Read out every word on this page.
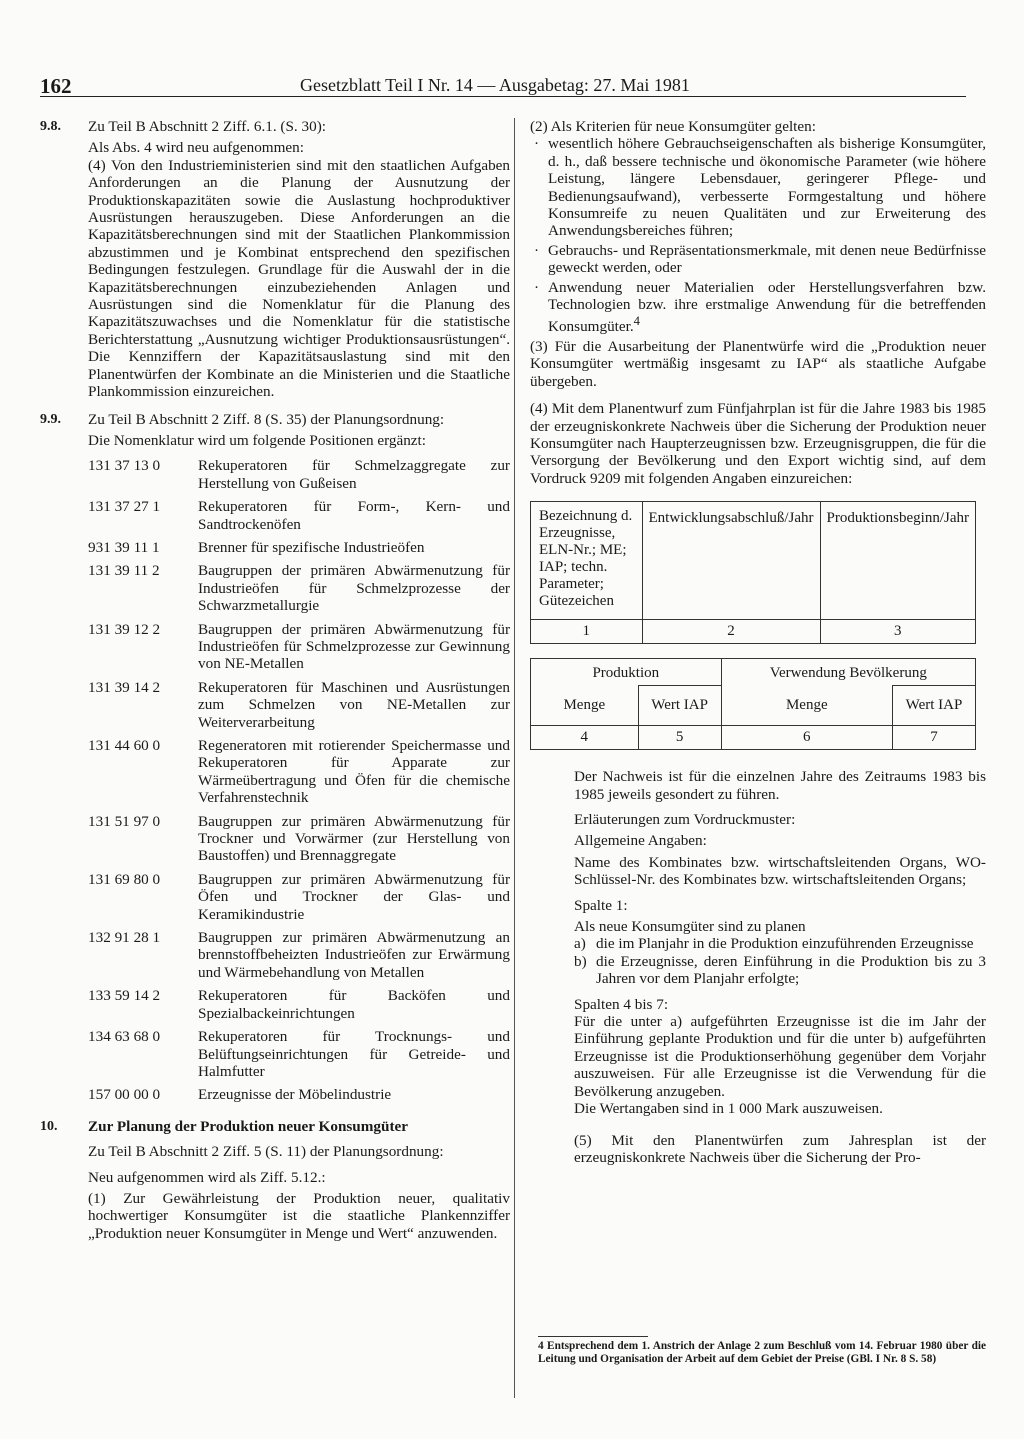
162	Gesetzblatt Teil I Nr. 14 — Ausgabetag: 27. Mai 1981
9.8. Zu Teil B Abschnitt 2 Ziff. 6.1. (S. 30):

Als Abs. 4 wird neu aufgenommen:

(4) Von den Industrieministerien sind mit den staatlichen Aufgaben Anforderungen an die Planung der Ausnutzung der Produktionskapazitäten sowie die Auslastung hochproduktiver Ausrüstungen herauszugeben. Diese Anforderungen an die Kapazitätsberechnungen sind mit der Staatlichen Plankommission abzustimmen und je Kombinat entsprechend den spezifischen Bedingungen festzulegen. Grundlage für die Auswahl der in die Kapazitätsberechnungen einzubeziehenden Anlagen und Ausrüstungen sind die Nomenklatur für die Planung des Kapazitätszuwachses und die Nomenklatur für die statistische Berichterstattung „Ausnutzung wichtiger Produktionsausrüstungen“. Die Kennziffern der Kapazitätsauslastung sind mit den Planentwürfen der Kombinate an die Ministerien und die Staatliche Plankommission einzureichen.

9.9. Zu Teil B Abschnitt 2 Ziff. 8 (S. 35) der Planungsordnung:

Die Nomenklatur wird um folgende Positionen ergänzt:

131 37 13 0 Rekuperatoren für Schmelzaggregate zur Herstellung von Gußeisen
131 37 27 1 Rekuperatoren für Form-, Kern- und Sandtrockenöfen
931 39 11 1	Brenner für spezifische Industrieöfen
131 39 11 2	Baugruppen der primären Abwärmenutzung für Industrieöfen für Schmelzprozesse der Schwarzmetallurgie
131 39 12 2 Baugruppen der primären Abwärmenutzung für Industrieöfen für Schmelzprozesse zur Gewinnung von NE-Metallen
131 39 14 2 Rekuperatoren für Maschinen und Ausrüstungen zum Schmelzen von NE-Metallen zur Weiterverarbeitung
131 44 60 0 Regeneratoren mit rotierender Speichermasse und Rekuperatoren für Apparate zur Wärmeübertragung und Öfen für die chemische Verfahrenstechnik
131 51 97 0 Baugruppen zur primären Abwärmenutzung für Trockner und Vorwärmer (zur Herstellung von Baustoffen) und Brennaggregate
131 69 80 0 Baugruppen zur primären Abwärmenutzung für Öfen und Trockner der Glas- und Keramikindustrie
132 91 28 1 Baugruppen zur primären Abwärmenutzung an brennstoffbeheizten Industrieöfen zur Erwärmung und Wärmebehandlung von Metallen
133 59 14 2 Rekuperatoren für Backöfen und Spezialbackeinrichtungen
134 63 68 0 Rekuperatoren für Trocknungs- und Belüftungseinrichtungen für Getreide- und Halmfutter
157 00 00 0 Erzeugnisse der Möbelindustrie
10. Zur Planung der Produktion neuer Konsumgüter

Zu Teil B Abschnitt 2 Ziff. 5 (S. 11) der Planungsordnung:

Neu aufgenommen wird als Ziff. 5.12.:

(1) Zur Gewährleistung der Produktion neuer, qualitativ hochwertiger Konsumgüter ist die staatliche Plankennziffer „Produktion neuer Konsumgüter in Menge und Wert“ anzuwenden.

(2) Als Kriterien für neue Konsumgüter gelten:

· wesentlich höhere Gebrauchseigenschaften als bisherige Konsumgüter, d. h., daß bessere technische und ökonomische Parameter (wie höhere Leistung, längere Lebensdauer, geringerer Pflege- und Bedienungsaufwand), verbesserte Formgestaltung und höhere Konsumreife zu neuen Qualitäten und zur Erweiterung des Anwendungsbereiches führen;
· Gebrauchs- und Repräsentationsmerkmale, mit denen neue Bedürfnisse geweckt werden, oder
· Anwendung neuer Materialien oder Herstellungsverfahren bzw. Technologien bzw. ihre erstmalige Anwendung für die betreffenden Konsumgüter.$^4$

(3) Für die Ausarbeitung der Planentwürfe wird die „Produktion neuer Konsumgüter wertmäßig insgesamt zu IAP“ als staatliche Aufgabe übergeben.

(4) Mit dem Planentwurf zum Fünfjahrplan ist für die Jahre 1983 bis 1985 der erzeugniskonkrete Nachweis über die Sicherung der Produktion neuer Konsumgüter nach Haupterzeugnissen bzw. Erzeugnisgruppen, die für die Versorgung der Bevölkerung und den Export wichtig sind, auf dem Vordruck 9209 mit folgenden Angaben einzureichen:

Bezeichnung d. Erzeugnisse, ELN-Nr.; ME; IAP; techn. Parameter; Gütezeichen	Entwicklungsabschluß/Jahr	Produktionsbeginn/Jahr
1	2	3
Produktion		Verwendung Bevölkerung	
Menge	Wert IAP	Menge	Wert IAP
4	5	6	7

Der Nachweis ist für die einzelnen Jahre des Zeitraums 1983 bis 1985 jeweils gesondert zu führen.

Erläuterungen zum Vordruckmuster:

Allgemeine Angaben:

Name des Kombinates bzw. wirtschaftsleitenden Organs, WO-Schlüssel-Nr. des Kombinates bzw. wirtschaftsleitenden Organs;

Spalte 1:

Als neue Konsumgüter sind zu planen

a) die im Planjahr in die Produktion einzuführenden Erzeugnisse
b) die Erzeugnisse, deren Einführung in die Produktion bis zu 3 Jahren vor dem Planjahr erfolgte;

Spalten 4 bis 7:

Für die unter a) aufgeführten Erzeugnisse ist die im Jahr der Einführung geplante Produktion und für die unter b) aufgeführten Erzeugnisse ist die Produktionserhöhung gegenüber dem Vorjahr auszuweisen. Für alle Erzeugnisse ist die Verwendung für die Bevölkerung anzugeben.

Die Wertangaben sind in 1 000 Mark auszuweisen.

(5) Mit den Planentwürfen zum Jahresplan ist der erzeugniskonkrete Nachweis über die Sicherung der Pro-

4 Entsprechend dem 1. Anstrich der Anlage 2 zum Beschluß vom 14. Februar 1980 über die Leitung und Organisation der Arbeit auf dem Gebiet der Preise (GBl. I Nr. 8 S. 58)
